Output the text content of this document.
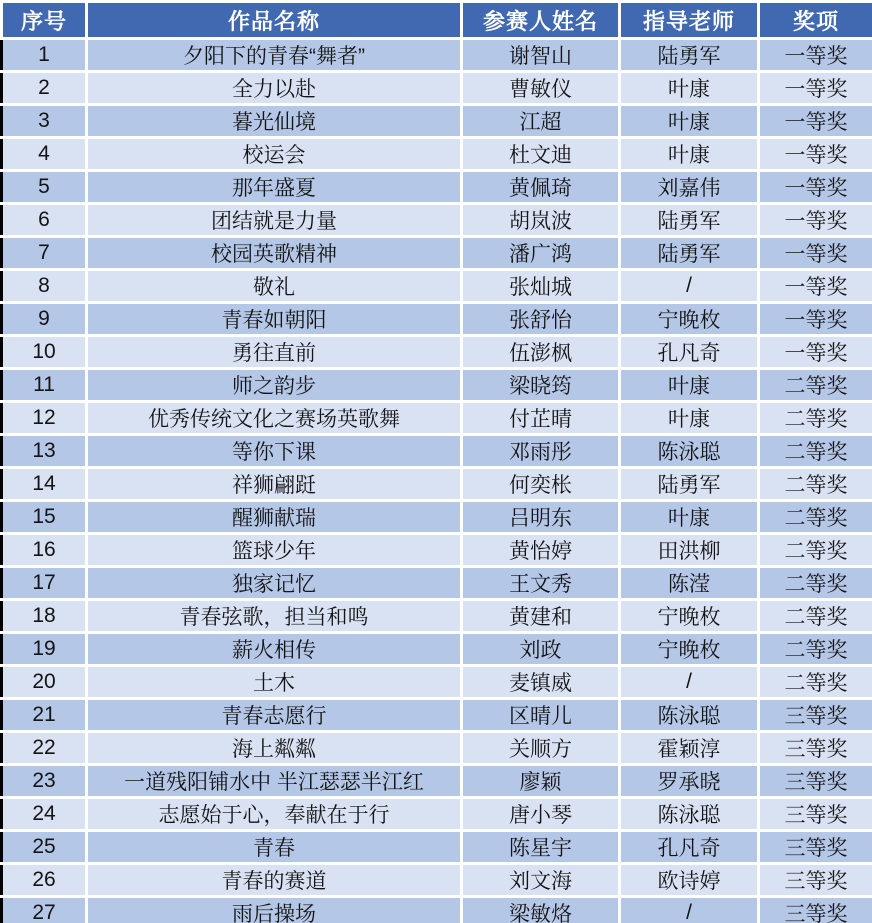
序号	作品名称	参赛人姓名	指导老师	奖项
1	夕阳下的青春“舞者”	谢智山	陆勇军	一等奖
2	全力以赴	曹敏仪	叶康	一等奖
3	暮光仙境	江超	叶康	一等奖
4	校运会	杜文迪	叶康	一等奖
5	那年盛夏	黄佩琦	刘嘉伟	一等奖
6	团结就是力量	胡岚波	陆勇军	一等奖
7	校园英歌精神	潘广鸿	陆勇军	一等奖
8	敬礼	张灿城	/	一等奖
9	青春如朝阳	张舒怡	宁晚枚	一等奖
10	勇往直前	伍澎枫	孔凡奇	一等奖
11	师之韵步	梁晓筠	叶康	二等奖
12	优秀传统文化之赛场英歌舞	付芷晴	叶康	二等奖
13	等你下课	邓雨彤	陈泳聪	二等奖
14	祥狮翩跹	何奕枨	陆勇军	二等奖
15	醒狮献瑞	吕明东	叶康	二等奖
16	篮球少年	黄怡婷	田洪柳	二等奖
17	独家记忆	王文秀	陈滢	二等奖
18	青春弦歌，担当和鸣	黄建和	宁晚枚	二等奖
19	薪火相传	刘政	宁晚枚	二等奖
20	土木	麦镇威	/	二等奖
21	青春志愿行	区晴儿	陈泳聪	三等奖
22	海上粼粼	关顺方	霍颖淳	三等奖
23	一道残阳铺水中 半江瑟瑟半江红	廖颖	罗承晓	三等奖
24	志愿始于心，奉献在于行	唐小琴	陈泳聪	三等奖
25	青春	陈星宇	孔凡奇	三等奖
26	青春的赛道	刘文海	欧诗婷	三等奖
27	雨后操场	梁敏烙	/	三等奖
